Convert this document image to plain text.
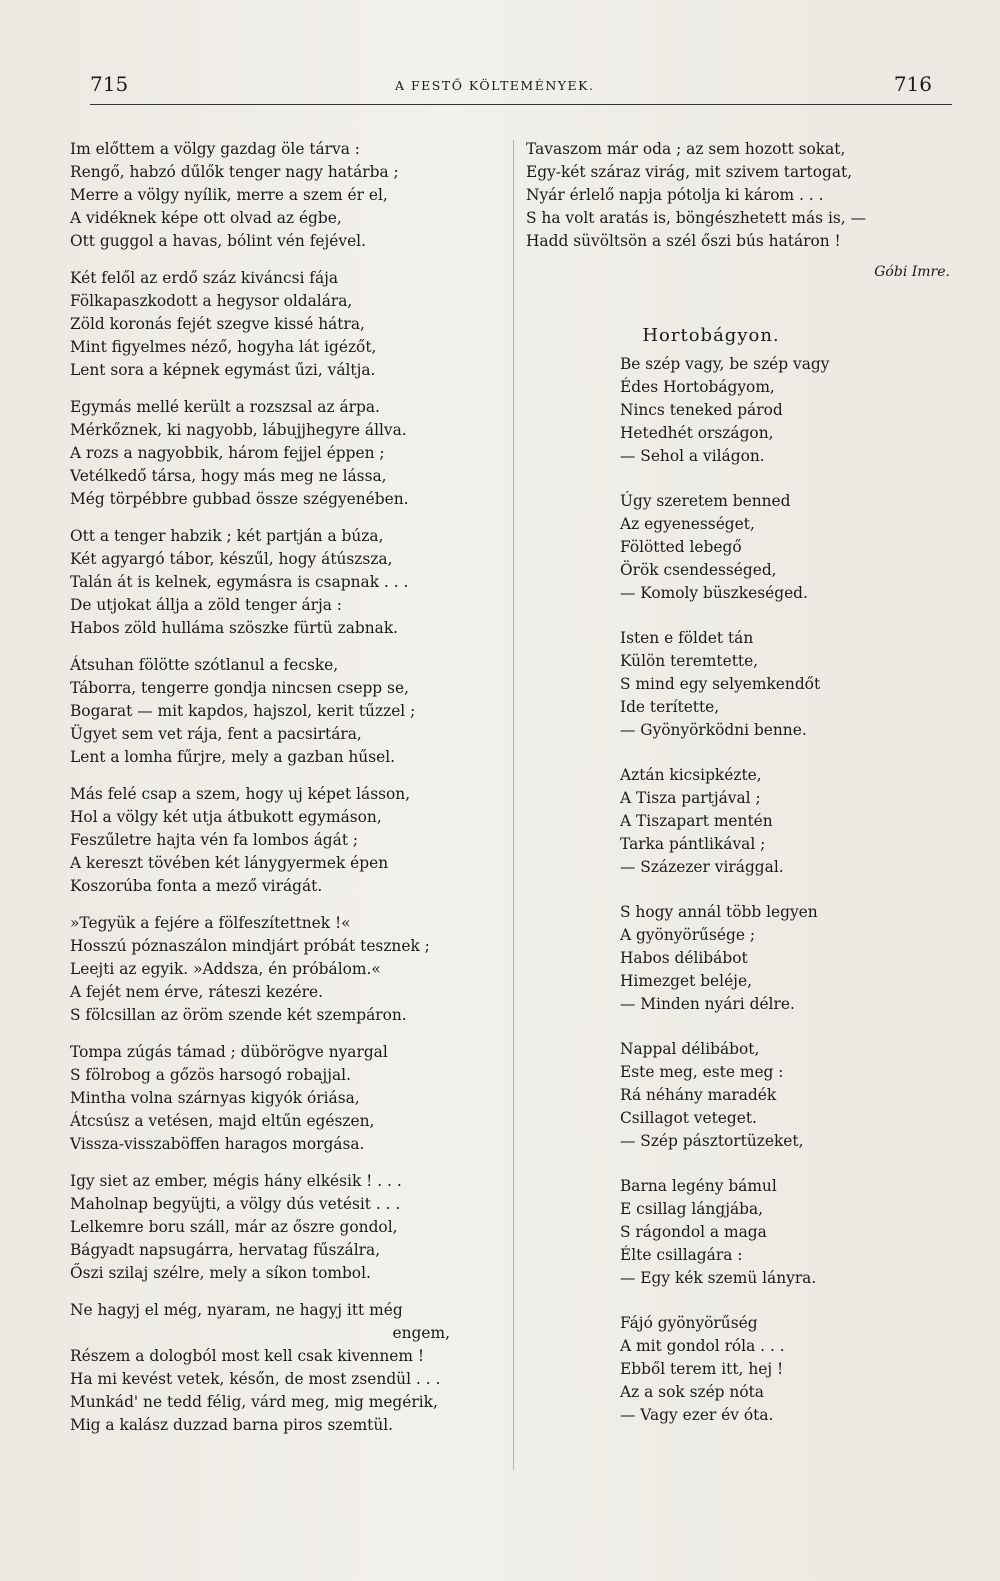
715	A FESTŐ KÖLTEMÉNYEK.	716
Im előttem a völgy gazdag öle tárva :
Rengő, habzó dűlők tenger nagy határba ;
Merre a völgy nyílik, merre a szem ér el,
A vidéknek képe ott olvad az égbe,
Ott guggol a havas, bólint vén fejével.
Két felől az erdő száz kiváncsi fája
Fölkapaszkodott a hegysor oldalára,
Zöld koronás fejét szegve kissé hátra,
Mint figyelmes néző, hogyha lát igézőt,
Lent sora a képnek egymást űzi, váltja.
Egymás mellé került a rozszsal az árpa.
Mérkőznek, ki nagyobb, lábujjhegyre állva.
A rozs a nagyobbik, három fejjel éppen ;
Vetélkedő társa, hogy más meg ne lássa,
Még törpébbre gubbad össze szégyenében.
Ott a tenger habzik ; két partján a búza,
Két agyargó tábor, készűl, hogy átúszsza,
Talán át is kelnek, egymásra is csapnak . . .
De utjokat állja a zöld tenger árja :
Habos zöld hulláma szöszke fürtü zabnak.
Átsuhan fölötte szótlanul a fecske,
Táborra, tengerre gondja nincsen csepp se,
Bogarat — mit kapdos, hajszol, kerit tűzzel ;
Ügyet sem vet rája, fent a pacsirtára,
Lent a lomha fűrjre, mely a gazban hűsel.
Más felé csap a szem, hogy uj képet lásson,
Hol a völgy két utja átbukott egymáson,
Feszűletre hajta vén fa lombos ágát ;
A kereszt tövében két lánygyermek épen
Koszorúba fonta a mező virágát.
»Tegyük a fejére a fölfeszítettnek !«
Hosszú póznaszálon mindjárt próbát tesznek ;
Leejti az egyik. »Addsza, én próbálom.«
A fejét nem érve, ráteszi kezére.
S fölcsillan az öröm szende két szempáron.
Tompa zúgás támad ; dübörögve nyargal
S fölrobog a gőzös harsogó robajjal.
Mintha volna szárnyas kigyók óriása,
Átcsúsz a vetésen, majd eltűn egészen,
Vissza-visszaböffen haragos morgása.
Igy siet az ember, mégis hány elkésik ! . . .
Maholnap begyüjti, a völgy dús vetésit . . .
Lelkemre boru száll, már az őszre gondol,
Bágyadt napsugárra, hervatag fűszálra,
Őszi szilaj szélre, mely a síkon tombol.
Ne hagyj el még, nyaram, ne hagyj itt még
engem,
Részem a dologból most kell csak kivennem !
Ha mi kevést vetek, későn, de most zsendül . . .
Munkád' ne tedd félig, várd meg, mig megérik,
Mig a kalász duzzad barna piros szemtül.
Tavaszom már oda ; az sem hozott sokat,
Egy-két száraz virág, mit szivem tartogat,
Nyár érlelő napja pótolja ki károm . . .
S ha volt aratás is, böngészhetett más is, —
Hadd süvöltsön a szél őszi bús határon !
Góbi Imre.
Hortobágyon.
Be szép vagy, be szép vagy
Édes Hortobágyom,
Nincs teneked párod
Hetedhét országon,
— Sehol a világon.
Úgy szeretem benned
Az egyenességet,
Fölötted lebegő
Örök csendességed,
— Komoly büszkeséged.
Isten e földet tán
Külön teremtette,
S mind egy selyemkendőt
Ide terítette,
— Gyönyörködni benne.
Aztán kicsipkézte,
A Tisza partjával ;
A Tiszapart mentén
Tarka pántlikával ;
— Százezer virággal.
S hogy annál több legyen
A gyönyörűsége ;
Habos délibábot
Himezget beléje,
— Minden nyári délre.
Nappal délibábot,
Este meg, este meg :
Rá néhány maradék
Csillagot veteget.
— Szép pásztortüzeket,
Barna legény bámul
E csillag lángjába,
S rágondol a maga
Élte csillagára :
— Egy kék szemü lányra.
Fájó gyönyörűség
A mit gondol róla . . .
Ebből terem itt, hej !
Az a sok szép nóta
— Vagy ezer év óta.
